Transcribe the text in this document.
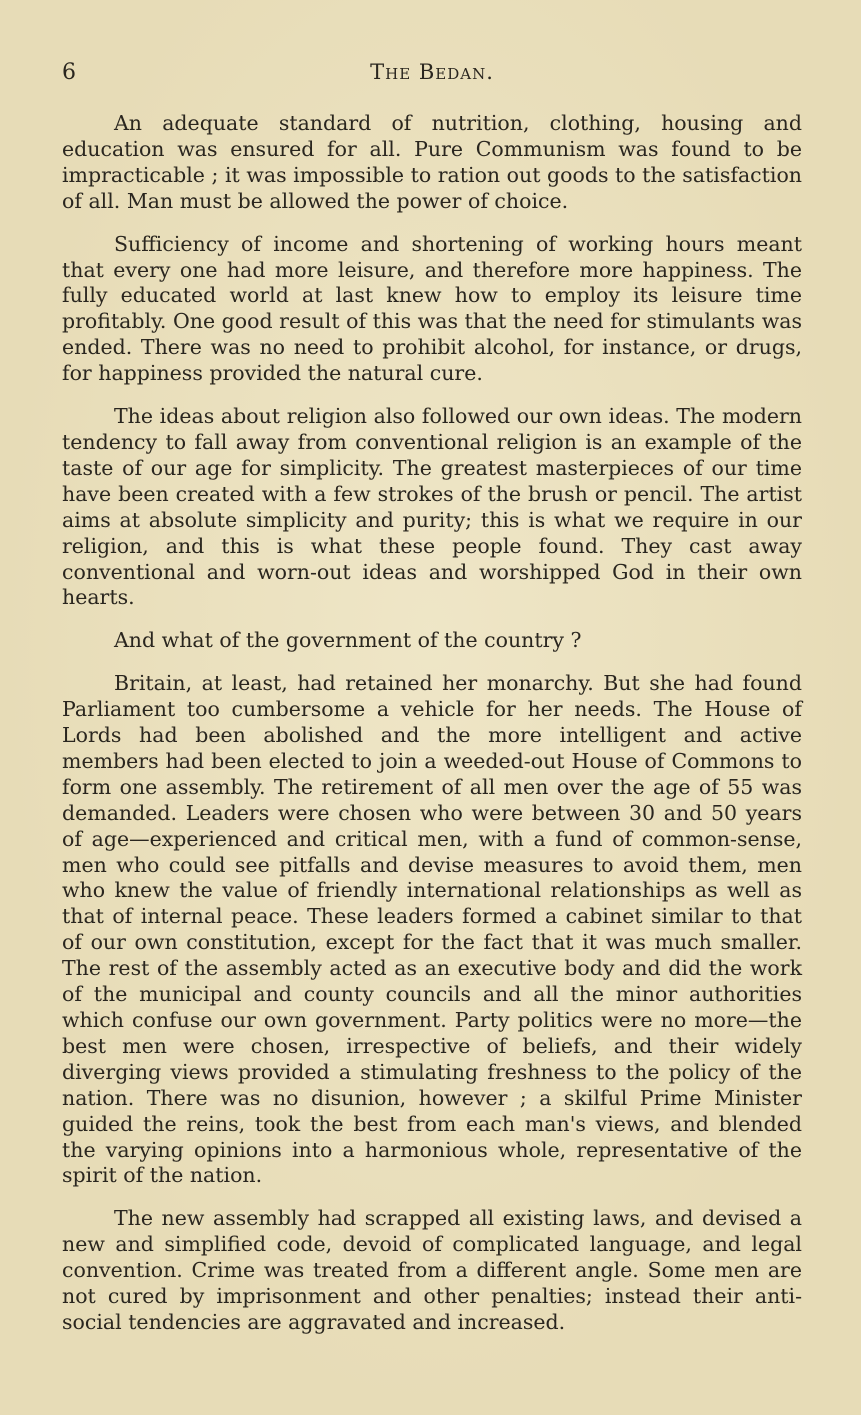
6	The Bedan.

An adequate standard of nutrition, clothing, housing and education was ensured for all. Pure Communism was found to be impracticable ; it was impossible to ration out goods to the satisfaction of all. Man must be allowed the power of choice.

Sufficiency of income and shortening of working hours meant that every one had more leisure, and therefore more happiness. The fully educated world at last knew how to employ its leisure time profitably. One good result of this was that the need for stimulants was ended. There was no need to prohibit alcohol, for instance, or drugs, for happiness provided the natural cure.

The ideas about religion also followed our own ideas. The modern tendency to fall away from conventional religion is an example of the taste of our age for simplicity. The greatest masterpieces of our time have been created with a few strokes of the brush or pencil. The artist aims at absolute simplicity and purity; this is what we require in our religion, and this is what these people found. They cast away conventional and worn-out ideas and worshipped God in their own hearts.

And what of the government of the country ?

Britain, at least, had retained her monarchy. But she had found Parliament too cumbersome a vehicle for her needs. The House of Lords had been abolished and the more intelligent and active members had been elected to join a weeded-out House of Commons to form one assembly. The retirement of all men over the age of 55 was demanded. Leaders were chosen who were between 30 and 50 years of age—experienced and critical men, with a fund of common-sense, men who could see pitfalls and devise measures to avoid them, men who knew the value of friendly international relationships as well as that of internal peace. These leaders formed a cabinet similar to that of our own constitution, except for the fact that it was much smaller. The rest of the assembly acted as an executive body and did the work of the municipal and county councils and all the minor authorities which confuse our own government. Party politics were no more—the best men were chosen, irrespective of beliefs, and their widely diverging views provided a stimulating freshness to the policy of the nation. There was no disunion, however ; a skilful Prime Minister guided the reins, took the best from each man's views, and blended the varying opinions into a harmonious whole, representative of the spirit of the nation.

The new assembly had scrapped all existing laws, and devised a new and simplified code, devoid of complicated language, and legal convention. Crime was treated from a different angle. Some men are not cured by imprisonment and other penalties; instead their anti-social tendencies are aggravated and increased.
